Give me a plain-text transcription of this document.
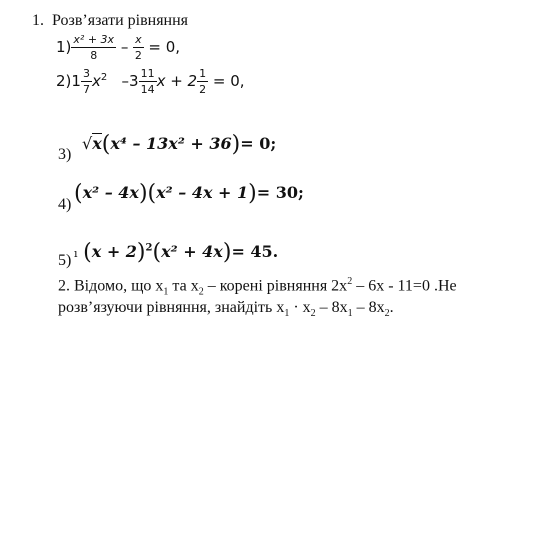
1. Розв’язати рівняння
$1) \frac{\text{x² + 3x}}{8} - \frac{x}{2} = 0$,
$2)1 \frac{3}{7} x^2$ $-3 \frac{11}{14}$ $x + 2 \frac{1}{2} = 0$,
3)
√x(x⁴ – 13x² + 36)= 0;
4) (x² – 4x)(x² – 4x + 1)= 30;
5) ı $(x + 2)^2(x^2 + 4x)= 45$.
2. Відомо, що $x_1$ та $x_2$ – корені рівняння $2x^2 - 6x - 11=0$ .Не
розв’язуючи рівняння, знайдіть $x_1 \cdot x_2 - 8x_1 - 8x_2$.
